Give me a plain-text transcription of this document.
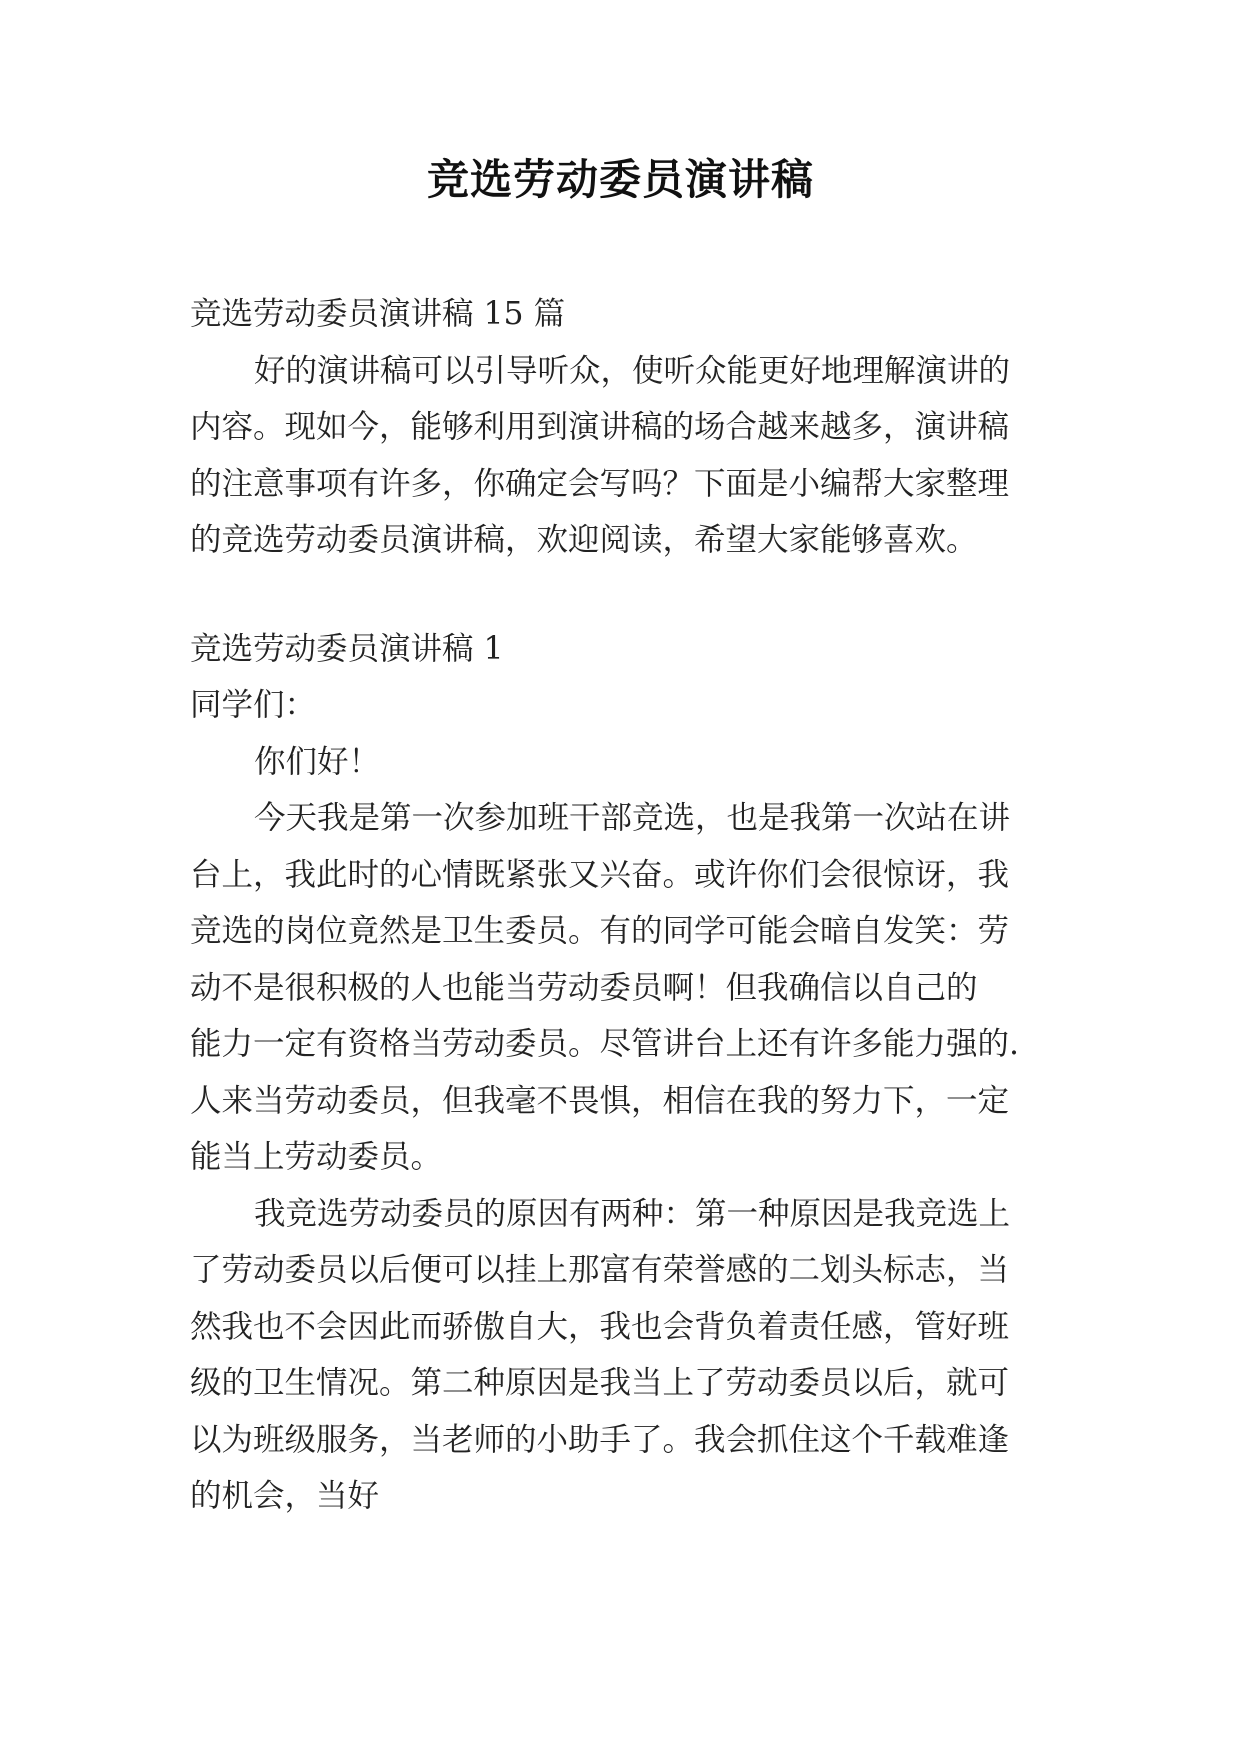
竞选劳动委员演讲稿

竞选劳动委员演讲稿 15 篇

好的演讲稿可以引导听众，使听众能更好地理解演讲的

内容。现如今，能够利用到演讲稿的场合越来越多，演讲稿

的注意事项有许多，你确定会写吗？下面是小编帮大家整理

的竞选劳动委员演讲稿，欢迎阅读，希望大家能够喜欢。

竞选劳动委员演讲稿 1

同学们：

你们好！

今天我是第一次参加班干部竞选，也是我第一次站在讲

台上，我此时的心情既紧张又兴奋。或许你们会很惊讶，我

竞选的岗位竟然是卫生委员。有的同学可能会暗自发笑：劳

动不是很积极的人也能当劳动委员啊！但我确信以自己的

能力一定有资格当劳动委员。尽管讲台上还有许多能力强的.

人来当劳动委员，但我毫不畏惧，相信在我的努力下，一定

能当上劳动委员。

我竞选劳动委员的原因有两种：第一种原因是我竞选上

了劳动委员以后便可以挂上那富有荣誉感的二划头标志，当

然我也不会因此而骄傲自大，我也会背负着责任感，管好班

级的卫生情况。第二种原因是我当上了劳动委员以后，就可

以为班级服务，当老师的小助手了。我会抓住这个千载难逢

的机会，当好
